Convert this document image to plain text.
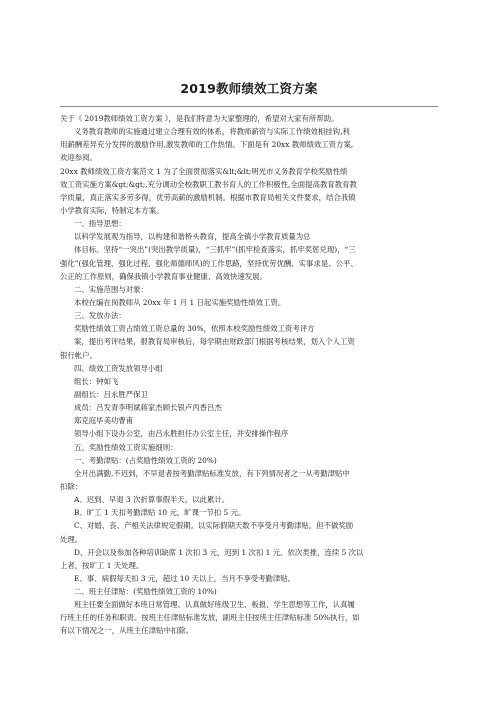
2019教师绩效工资方案
关于《 2019教师绩效工资方案 》，是我们特意为大家整理的，希望对大家有所帮助。
义务教育教师的实施通过建立合理有效的体系，将教师薪资与实际工作绩效相挂钩,利
用薪酬差异充分发挥的激励作用,激发教师的工作热情。下面是有 20xx 教师绩效工资方案,
欢迎参阅。
20xx 教师绩效工资方案范文 1 为了全面贯彻落实&lt;&lt;明光市义务教育学校奖励性绩
效工资实施方案&gt;&gt;,充分调动全校教职工教书育人的工作积极性,全面提高教育教育教
学质量，真正落实多劳多得，优劳高薪的激励机制。根据市教育局相关文件要求，结合我镇
小学教育实际，特制定本方案。
一、指导思想：
以科学发展观为指导，以构建和谐桥头教育，提高全镇小学教育质量为总
体目标。坚持“一突出”(突出教学质量)，“三抓牢”(抓牢检查落实，抓牢奖惩兑现)，“三
强化”(强化管理、强化过程、强化师德师风)的工作思路，坚持优劳优酬、实事求是、公平、
公正的工作原则，确保我镇小学教育事业健康、高效快速发展。
二、实施范围与对象：
本校在编在岗教师从 20xx 年 1 月 1 日起实施奖励性绩效工资。
三、发放办法：
奖励性绩效工资占绩效工资总量的 30%，依照本校奖励性绩效工资考评方
案，提出考评结果，报教育局审核后，每学期由财政部门根据考核结果，划入个人工资
银行帐户。
四、绩效工资发放领导小组
组长：钟如飞
副组长：吕永胜严保卫
成员：吕发青李明斌蒋家杰顾长银卢丙香吕杰
郑克庭毕美功曹甫
领导小组下设办公室，由吕永胜担任办公室主任，并安排操作程序
五、奖励性绩效工资实施细则：
一、考勤津贴：(占奖励性绩效工资的 20%)
全月出满勤,不迟到，不早退者按考勤津贴标准发放，有下列情况者之一从考勤津贴中
扣除：
A、迟到、早退 3 次折算事假半天，以此累计。
B、旷工 1 天扣考勤津贴 10 元，旷课一节扣 5 元。
C、对婚、丧、产相关法律规定假期。以实际假期天数不享受月考勤津贴。但不做奖励
处理。
D、开会以及参加各种培训缺席 1 次扣 3 元，迟到 1 次扣 1 元。依次类推，连续 5 次以
上者，按旷工 1 天处理。
E、事、病假每天扣 3 元，超过 10 天以上，当月不享受考勤津贴。
二、班主任津贴：(奖励性绩效工资的 10%)
班主任要全面做好本班日常管理、认真做好班级卫生、板报、学生思想等工作，认真履
行班主任的任务和职责。按班主任津贴标准发放，副班主任按班主任津贴标准 50%执行，如
有以下情况之一，从班主任津贴中扣除。
